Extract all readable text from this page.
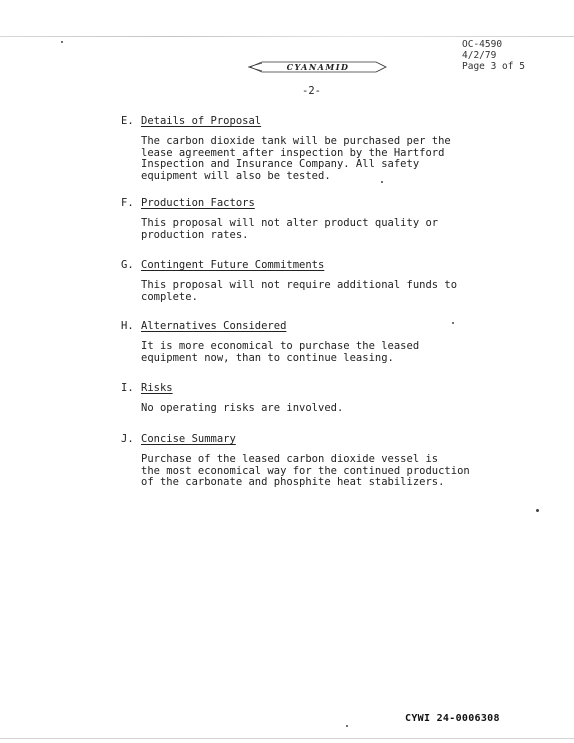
OC-4590
4/2/79
Page 3 of 5
CYANAMID
-2-
E. Details of Proposal
The carbon dioxide tank will be purchased per the
lease agreement after inspection by the Hartford
Inspection and Insurance Company. All safety
equipment will also be tested.
F. Production Factors
This proposal will not alter product quality or
production rates.
G. Contingent Future Commitments
This proposal will not require additional funds to
complete.
H. Alternatives Considered
It is more economical to purchase the leased
equipment now, than to continue leasing.
I. Risks
No operating risks are involved.
J. Concise Summary
Purchase of the leased carbon dioxide vessel is
the most economical way for the continued production
of the carbonate and phosphite heat stabilizers.
CYWI 24-0006308
